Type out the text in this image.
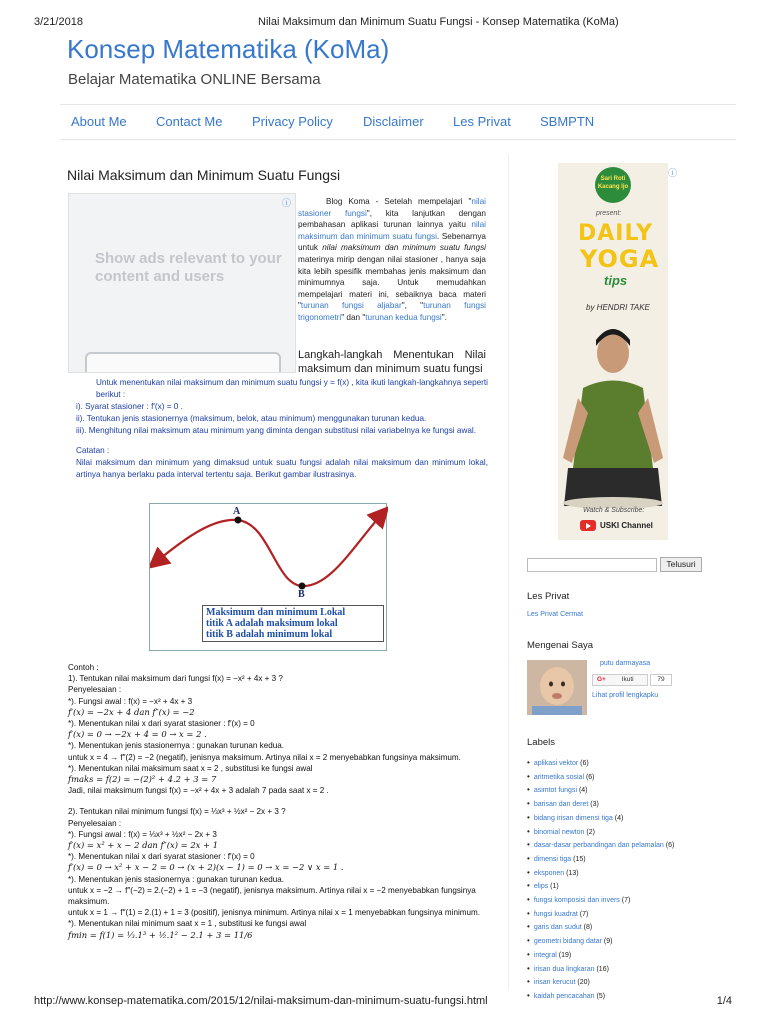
3/21/2018	Nilai Maksimum dan Minimum Suatu Fungsi - Konsep Matematika (KoMa)
http://www.konsep-matematika.com/2015/12/nilai-maksimum-dan-minimum-suatu-fungsi.html	1/4
Konsep Matematika (KoMa)
Belajar Matematika ONLINE Bersama
About Me	Contact Me	Privacy Policy	Disclaimer	Les Privat	SBMPTN
Nilai Maksimum dan Minimum Suatu Fungsi
ⓘ
Show ads relevant to your content and users
Blog Koma - Setelah mempelajari "nilai stasioner fungsi", kita lanjutkan dengan pembahasan aplikasi turunan lainnya yaitu nilai maksimum dan minimum suatu fungsi. Sebenarnya untuk nilai maksimum dan minimum suatu fungsi materinya mirip dengan nilai stasioner , hanya saja kita lebih spesifik membahas jenis maksimum dan minimumnya saja. Untuk memudahkan mempelajari materi ini, sebaiknya baca materi "turunan fungsi aljabar", "turunan fungsi trigonometri" dan "turunan kedua fungsi".
Langkah-langkah Menentukan Nilai maksimum dan minimum suatu fungsi
Untuk menentukan nilai maksimum dan minimum suatu fungsi y = f(x) , kita ikuti langkah-langkahnya seperti berikut :
i). Syarat stasioner : f′(x) = 0 .
ii). Tentukan jenis stasionernya (maksimum, belok, atau minimum) menggunakan turunan kedua.
iii). Menghitung nilai maksimum atau minimum yang diminta dengan substitusi nilai variabelnya ke fungsi awal.
Catatan :
Nilai maksimum dan minimum yang dimaksud untuk suatu fungsi adalah nilai maksimum dan minimum lokal, artinya hanya berlaku pada interval tertentu saja. Berikut gambar ilustrasinya.
A
B
Maksimum dan minimum Lokal
titik A adalah maksimum lokal
titik B adalah minimum lokal
Contoh :
1). Tentukan nilai maksimum dari fungsi f(x) = −x² + 4x + 3 ?
Penyelesaian :
*). Fungsi awal : f(x) = −x² + 4x + 3
f′(x) = −2x + 4 dan f″(x) = −2
*). Menentukan nilai x dari syarat stasioner : f′(x) = 0
f′(x) = 0 → −2x + 4 = 0 → x = 2 .
*). Menentukan jenis stasionernya : gunakan turunan kedua.
untuk x = 4 → f″(2) = −2 (negatif), jenisnya maksimum. Artinya nilai x = 2 menyebabkan fungsinya maksimum.
*). Menentukan nilai maksimum saat x = 2 , substitusi ke fungsi awal
fmaks = f(2) = −(2)² + 4.2 + 3 = 7
Jadi, nilai maksimum fungsi f(x) = −x² + 4x + 3 adalah 7 pada saat x = 2 .
2). Tentukan nilai minimum fungsi f(x) = ⅓x³ + ½x² − 2x + 3 ?
Penyelesaian :
*). Fungsi awal : f(x) = ⅓x³ + ½x² − 2x + 3
f′(x) = x² + x − 2 dan f″(x) = 2x + 1
*). Menentukan nilai x dari syarat stasioner : f′(x) = 0
f′(x) = 0 → x² + x − 2 = 0 → (x + 2)(x − 1) = 0 → x = −2 ∨ x = 1 .
*). Menentukan jenis stasionernya : gunakan turunan kedua.
untuk x = −2 → f″(−2) = 2.(−2) + 1 = −3 (negatif), jenisnya maksimum. Artinya nilai x = −2 menyebabkan fungsinya maksimum.
untuk x = 1 → f″(1) = 2.(1) + 1 = 3 (positif), jenisnya minimum. Artinya nilai x = 1 menyebabkan fungsinya minimum.
*). Menentukan nilai minimum saat x = 1 , substitusi ke fungsi awal
fmin = f(1) = ⅓.1³ + ½.1² − 2.1 + 3 = 11/6
ⓘ
Sari Roti Kacang Ijo
present:
DAILY
YOGA
tips
by HENDRI TAKE
Watch & Subscribe:
USKI Channel
Telusuri
Les Privat
Les Privat Cermat
Mengenai Saya
putu darmayasa
G+ Ikuti	79
Lihat profil lengkapku
Labels
• aplikasi vektor (6)
• aritmetika sosial (6)
• asimtot fungsi (4)
• barisan dan deret (3)
• bidang irisan dimensi tiga (4)
• binomial newton (2)
• dasar-dasar perbandingan dan pelamalan (6)
• dimensi tiga (15)
• eksponen (13)
• elips (1)
• fungsi komposisi dan invers (7)
• fungsi kuadrat (7)
• garis dan sudut (8)
• geometri bidang datar (9)
• integral (19)
• irisan dua lingkaran (16)
• irisan kerucut (20)
• kaidah pencacahan (5)
